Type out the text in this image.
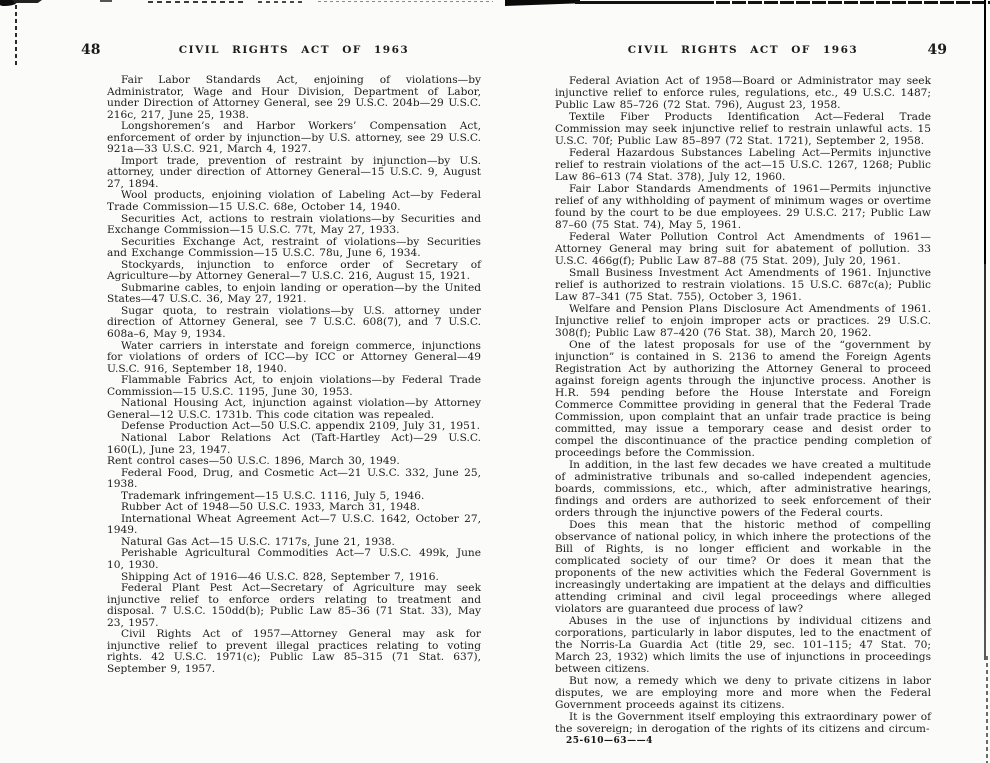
48	CIVIL RIGHTS ACT OF 1963

Fair Labor Standards Act, enjoining of violations—by Administrator, Wage and Hour Division, Department of Labor, under Direction of Attorney General, see 29 U.S.C. 204b—29 U.S.C. 216c, 217, June 25, 1938.

Longshoremen’s and Harbor Workers’ Compensation Act, enforcement of order by injunction—by U.S. attorney, see 29 U.S.C. 921a—33 U.S.C. 921, March 4, 1927.

Import trade, prevention of restraint by injunction—by U.S. attorney, under direction of Attorney General—15 U.S.C. 9, August 27, 1894.

Wool products, enjoining violation of Labeling Act—by Federal Trade Commission—15 U.S.C. 68e, October 14, 1940.

Securities Act, actions to restrain violations—by Securities and Exchange Commission—15 U.S.C. 77t, May 27, 1933.

Securities Exchange Act, restraint of violations—by Securities and Exchange Commission—15 U.S.C. 78u, June 6, 1934.

Stockyards, injunction to enforce order of Secretary of Agriculture—by Attorney General—7 U.S.C. 216, August 15, 1921.

Submarine cables, to enjoin landing or operation—by the United States—47 U.S.C. 36, May 27, 1921.

Sugar quota, to restrain violations—by U.S. attorney under direction of Attorney General, see 7 U.S.C. 608(7), and 7 U.S.C. 608a–6, May 9, 1934.

Water carriers in interstate and foreign commerce, injunctions for violations of orders of ICC—by ICC or Attorney General—49 U.S.C. 916, September 18, 1940.

Flammable Fabrics Act, to enjoin violations—by Federal Trade Commission—15 U.S.C. 1195, June 30, 1953.

National Housing Act, injunction against violation—by Attorney General—12 U.S.C. 1731b. This code citation was repealed.

Defense Production Act—50 U.S.C. appendix 2109, July 31, 1951.

National Labor Relations Act (Taft-Hartley Act)—29 U.S.C. 160(L), June 23, 1947.

Rent control cases—50 U.S.C. 1896, March 30, 1949.

Federal Food, Drug, and Cosmetic Act—21 U.S.C. 332, June 25, 1938.

Trademark infringement—15 U.S.C. 1116, July 5, 1946.

Rubber Act of 1948—50 U.S.C. 1933, March 31, 1948.

International Wheat Agreement Act—7 U.S.C. 1642, October 27, 1949.

Natural Gas Act—15 U.S.C. 1717s, June 21, 1938.

Perishable Agricultural Commodities Act—7 U.S.C. 499k, June 10, 1930.

Shipping Act of 1916—46 U.S.C. 828, September 7, 1916.

Federal Plant Pest Act—Secretary of Agriculture may seek injunctive relief to enforce orders relating to treatment and disposal. 7 U.S.C. 150dd(b); Public Law 85–36 (71 Stat. 33), May 23, 1957.

Civil Rights Act of 1957—Attorney General may ask for injunctive relief to prevent illegal practices relating to voting rights. 42 U.S.C. 1971(c); Public Law 85–315 (71 Stat. 637), September 9, 1957.

CIVIL RIGHTS ACT OF 1963	49

Federal Aviation Act of 1958—Board or Administrator may seek injunctive relief to enforce rules, regulations, etc., 49 U.S.C. 1487; Public Law 85–726 (72 Stat. 796), August 23, 1958.

Textile Fiber Products Identification Act—Federal Trade Commission may seek injunctive relief to restrain unlawful acts. 15 U.S.C. 70f; Public Law 85–897 (72 Stat. 1721), September 2, 1958.

Federal Hazardous Substances Labeling Act—Permits injunctive relief to restrain violations of the act—15 U.S.C. 1267, 1268; Public Law 86–613 (74 Stat. 378), July 12, 1960.

Fair Labor Standards Amendments of 1961—Permits injunctive relief of any withholding of payment of minimum wages or overtime found by the court to be due employees. 29 U.S.C. 217; Public Law 87–60 (75 Stat. 74), May 5, 1961.

Federal Water Pollution Control Act Amendments of 1961—Attorney General may bring suit for abatement of pollution. 33 U.S.C. 466g(f); Public Law 87–88 (75 Stat. 209), July 20, 1961.

Small Business Investment Act Amendments of 1961. Injunctive relief is authorized to restrain violations. 15 U.S.C. 687c(a); Public Law 87–341 (75 Stat. 755), October 3, 1961.

Welfare and Pension Plans Disclosure Act Amendments of 1961. Injunctive relief to enjoin improper acts or practices. 29 U.S.C. 308(f); Public Law 87–420 (76 Stat. 38), March 20, 1962.

One of the latest proposals for use of the “government by injunction” is contained in S. 2136 to amend the Foreign Agents Registration Act by authorizing the Attorney General to proceed against foreign agents through the injunctive process. Another is H.R. 594 pending before the House Interstate and Foreign Commerce Committee providing in general that the Federal Trade Commission, upon complaint that an unfair trade practice is being committed, may issue a temporary cease and desist order to compel the discontinuance of the practice pending completion of proceedings before the Commission.

In addition, in the last few decades we have created a multitude of administrative tribunals and so-called independent agencies, boards, commissions, etc., which, after administrative hearings, findings and orders are authorized to seek enforcement of their orders through the injunctive powers of the Federal courts.

Does this mean that the historic method of compelling observance of national policy, in which inhere the protections of the Bill of Rights, is no longer efficient and workable in the complicated society of our time? Or does it mean that the proponents of the new activities which the Federal Government is increasingly undertaking are impatient at the delays and difficulties attending criminal and civil legal proceedings where alleged violators are guaranteed due process of law?

Abuses in the use of injunctions by individual citizens and corporations, particularly in labor disputes, led to the enactment of the Norris-La Guardia Act (title 29, sec. 101–115; 47 Stat. 70; March 23, 1932) which limits the use of injunctions in proceedings between citizens.

But now, a remedy which we deny to private citizens in labor disputes, we are employing more and more when the Federal Government proceeds against its citizens.

It is the Government itself employing this extraordinary power of the sovereign; in derogation of the rights of its citizens and circum-

25-610—63——4
